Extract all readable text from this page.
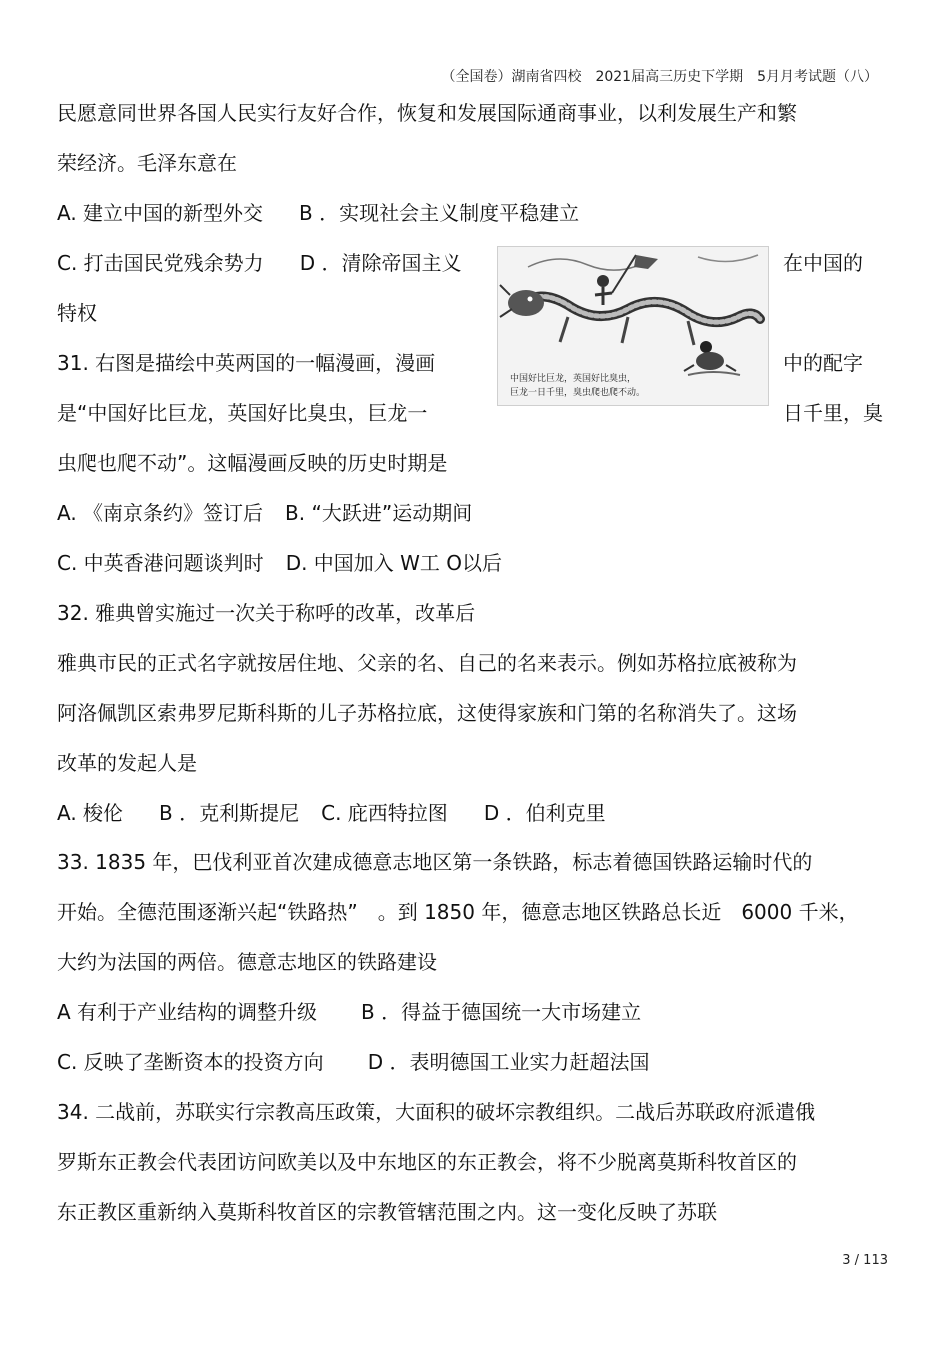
（全国卷）湖南省四校　2021届高三历史下学期　5月月考试题（八）
民愿意同世界各国人民实行友好合作，恢复和发展国际通商事业，以利发展生产和繁
荣经济。毛泽东意在
A. 建立中国的新型外交 B ．实现社会主义制度平稳建立
C. 打击国民党残余势力 D ．清除帝国主义	在中国的
特权
中国好比巨龙，英国好比臭虫，
巨龙一日千里，臭虫爬也爬不动。
31. 右图是描绘中英两国的一幅漫画，漫画	中的配字
是“中国好比巨龙，英国好比臭虫，巨龙一	日千里，臭
虫爬也爬不动”。这幅漫画反映的历史时期是
A. 《南京条约》签订后 B. “大跃进”运动期间
C. 中英香港问题谈判时 D. 中国加入 W工 O以后
32. 雅典曾实施过一次关于称呼的改革，改革后
雅典市民的正式名字就按居住地、父亲的名、自己的名来表示。例如苏格拉底被称为
阿洛佩凯区索弗罗尼斯科斯的儿子苏格拉底，这使得家族和门第的名称消失了。这场
改革的发起人是
A. 梭伦 B ．克利斯提尼 C. 庇西特拉图 D ．伯利克里
33. 1835 年，巴伐利亚首次建成德意志地区第一条铁路，标志着德国铁路运输时代的
开始。全德范围逐渐兴起“铁路热”　。到 1850 年，德意志地区铁路总长近　6000 千米，
大约为法国的两倍。德意志地区的铁路建设
A 有利于产业结构的调整升级 B ．得益于德国统一大市场建立
C. 反映了垄断资本的投资方向 D ．表明德国工业实力赶超法国
34. 二战前，苏联实行宗教高压政策，大面积的破坏宗教组织。二战后苏联政府派遣俄
罗斯东正教会代表团访问欧美以及中东地区的东正教会，将不少脱离莫斯科牧首区的
东正教区重新纳入莫斯科牧首区的宗教管辖范围之内。这一变化反映了苏联
3 / 113
